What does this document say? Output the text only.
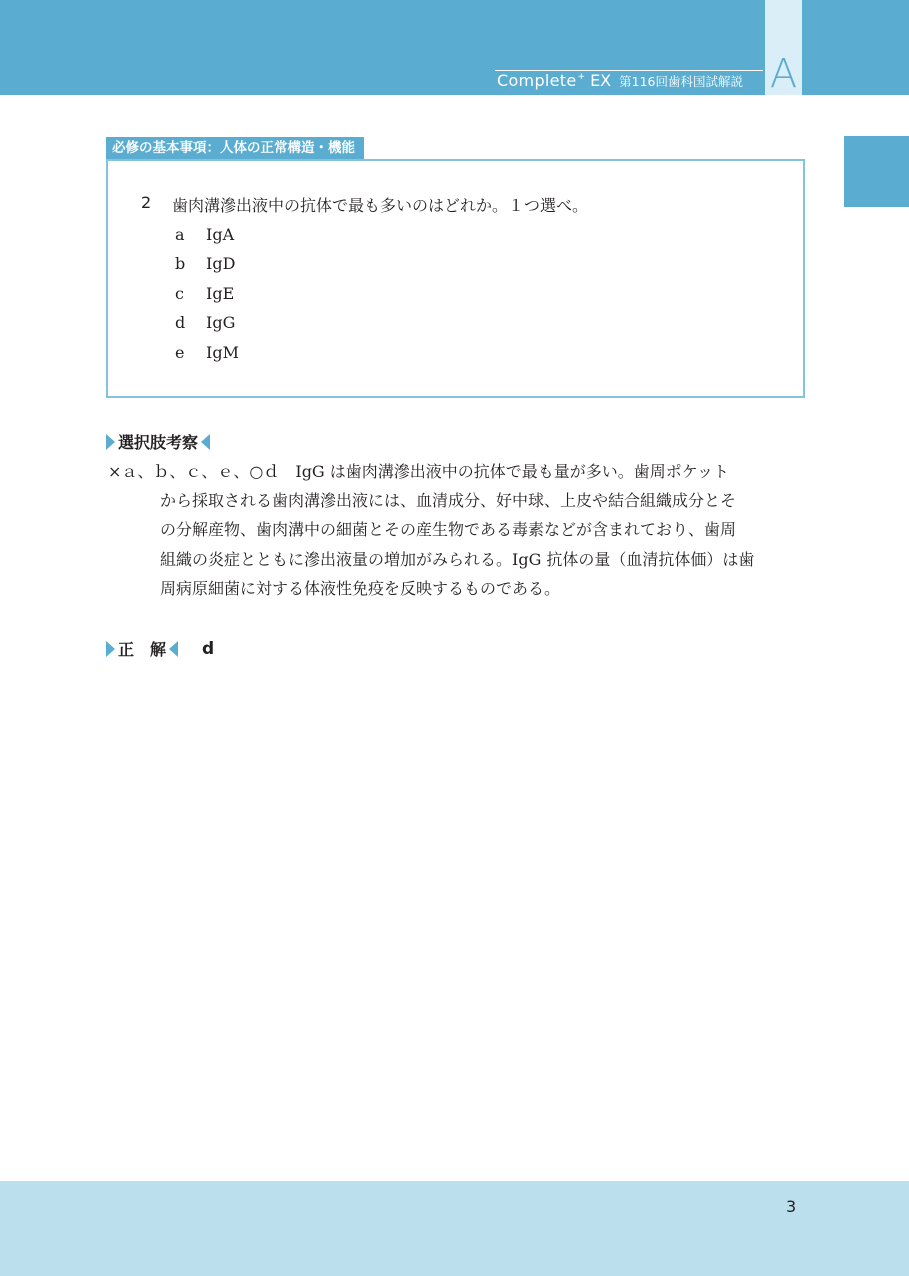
Complete + EX 第116回歯科国試解説 A
必修の基本事項：人体の正常構造・機能
2 歯肉溝滲出液中の抗体で最も多いのはどれか。１つ選べ。
a IgA
b IgD
c IgE
d IgG
e IgM
選択肢考察
×ａ、ｂ、ｃ、ｅ、○ｄ　IgG は歯肉溝滲出液中の抗体で最も量が多い。歯周ポケット
から採取される歯肉溝滲出液には、血清成分、好中球、上皮や結合組織成分とそ
の分解産物、歯肉溝中の細菌とその産生物である毒素などが含まれており、歯周
組織の炎症とともに滲出液量の増加がみられる。IgG 抗体の量（血清抗体価）は歯
周病原細菌に対する体液性免疫を反映するものである。
正　解 d
3
